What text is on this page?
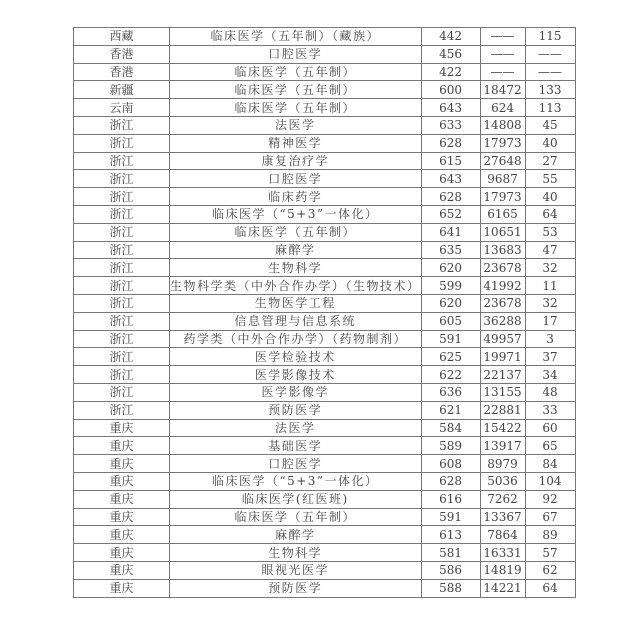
西藏	临床医学（五年制）（藏族）	442	——	115
香港	口腔医学	456	——	——
香港	临床医学（五年制）	422	——	——
新疆	临床医学（五年制）	600	18472	133
云南	临床医学（五年制）	643	624	113
浙江	法医学	633	14808	45
浙江	精神医学	628	17973	40
浙江	康复治疗学	615	27648	27
浙江	口腔医学	643	9687	55
浙江	临床药学	628	17973	40
浙江	临床医学（“5+3”一体化）	652	6165	64
浙江	临床医学（五年制）	641	10651	53
浙江	麻醉学	635	13683	47
浙江	生物科学	620	23678	32
浙江	生物科学类（中外合作办学）（生物技术）	599	41992	11
浙江	生物医学工程	620	23678	32
浙江	信息管理与信息系统	605	36288	17
浙江	药学类（中外合作办学）（药物制剂）	591	49957	3
浙江	医学检验技术	625	19971	37
浙江	医学影像技术	622	22137	34
浙江	医学影像学	636	13155	48
浙江	预防医学	621	22881	33
重庆	法医学	584	15422	60
重庆	基础医学	589	13917	65
重庆	口腔医学	608	8979	84
重庆	临床医学（“5+3”一体化）	628	5036	104
重庆	临床医学(红医班)	616	7262	92
重庆	临床医学（五年制）	591	13367	67
重庆	麻醉学	613	7864	89
重庆	生物科学	581	16331	57
重庆	眼视光医学	586	14819	62
重庆	预防医学	588	14221	64
